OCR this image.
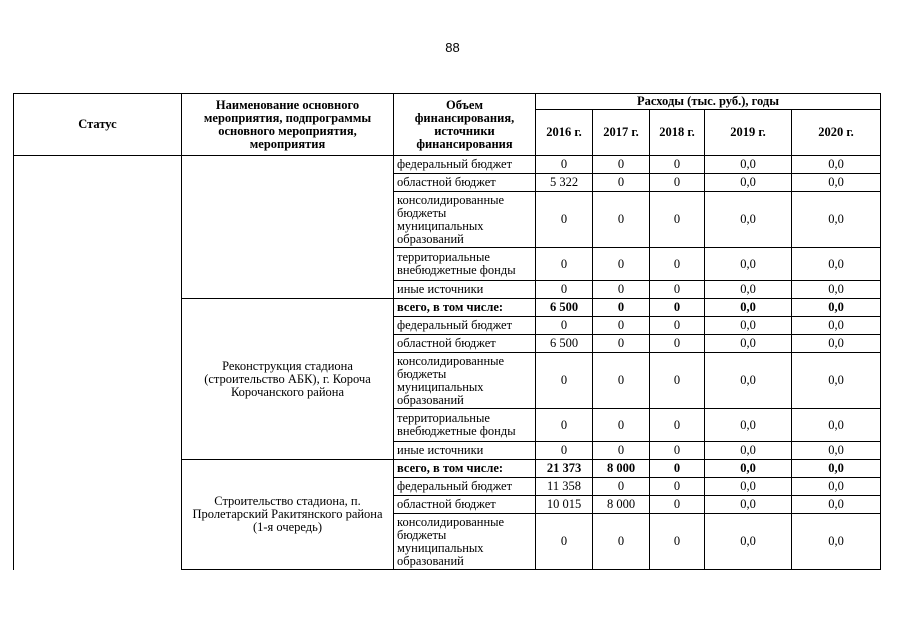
88
Статус	Наименование основного мероприятия, подпрограммы основного мероприятия, мероприятия	Объем финансирования, источники финансирования	Расходы (тыс. руб.), годы				
			2016 г.	2017 г.	2018 г.	2019 г.	2020 г.
		федеральный бюджет	0	0	0	0,0	0,0
		областной бюджет	5 322	0	0	0,0	0,0
		консолидированные бюджеты муниципальных образований	0	0	0	0,0	0,0
		территориальные внебюджетные фонды	0	0	0	0,0	0,0
		иные источники	0	0	0	0,0	0,0
	Реконструкция стадиона (строительство АБК), г. Короча Корочанского района	всего, в том числе:	6 500	0	0	0,0	0,0
		федеральный бюджет	0	0	0	0,0	0,0
		областной бюджет	6 500	0	0	0,0	0,0
		консолидированные бюджеты муниципальных образований	0	0	0	0,0	0,0
		территориальные внебюджетные фонды	0	0	0	0,0	0,0
		иные источники	0	0	0	0,0	0,0
	Строительство стадиона, п. Пролетарский Ракитянского района (1-я очередь)	всего, в том числе:	21 373	8 000	0	0,0	0,0
		федеральный бюджет	11 358	0	0	0,0	0,0
		областной бюджет	10 015	8 000	0	0,0	0,0
		консолидированные бюджеты муниципальных образований	0	0	0	0,0	0,0
